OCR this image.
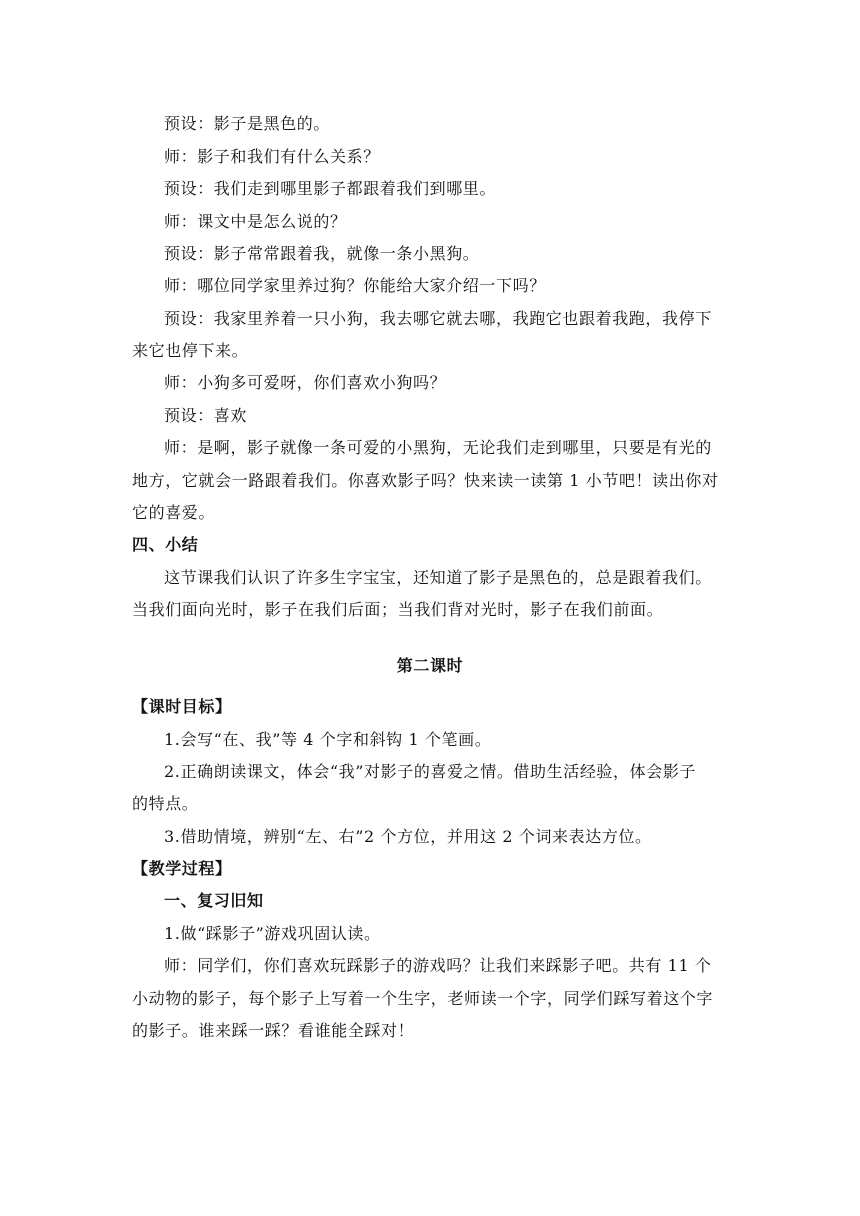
预设：影子是黑色的。
师：影子和我们有什么关系？
预设：我们走到哪里影子都跟着我们到哪里。
师：课文中是怎么说的？
预设：影子常常跟着我，就像一条小黑狗。
师：哪位同学家里养过狗？你能给大家介绍一下吗？
预设：我家里养着一只小狗，我去哪它就去哪，我跑它也跟着我跑，我停下
来它也停下来。
师：小狗多可爱呀，你们喜欢小狗吗？
预设：喜欢
师：是啊，影子就像一条可爱的小黑狗，无论我们走到哪里，只要是有光的
地方，它就会一路跟着我们。你喜欢影子吗？快来读一读第 1 小节吧！读出你对
它的喜爱。
四、小结
这节课我们认识了许多生字宝宝，还知道了影子是黑色的，总是跟着我们。
当我们面向光时，影子在我们后面；当我们背对光时，影子在我们前面。
第二课时
【课时目标】
1.会写“在、我”等 4 个字和斜钩 1 个笔画。
2.正确朗读课文，体会“我”对影子的喜爱之情。借助生活经验，体会影子
的特点。
3.借助情境，辨别“左、右”2 个方位，并用这 2 个词来表达方位。
【教学过程】
一、复习旧知
1.做“踩影子”游戏巩固认读。
师：同学们，你们喜欢玩踩影子的游戏吗？让我们来踩影子吧。共有 11 个
小动物的影子，每个影子上写着一个生字，老师读一个字，同学们踩写着这个字
的影子。谁来踩一踩？看谁能全踩对！
